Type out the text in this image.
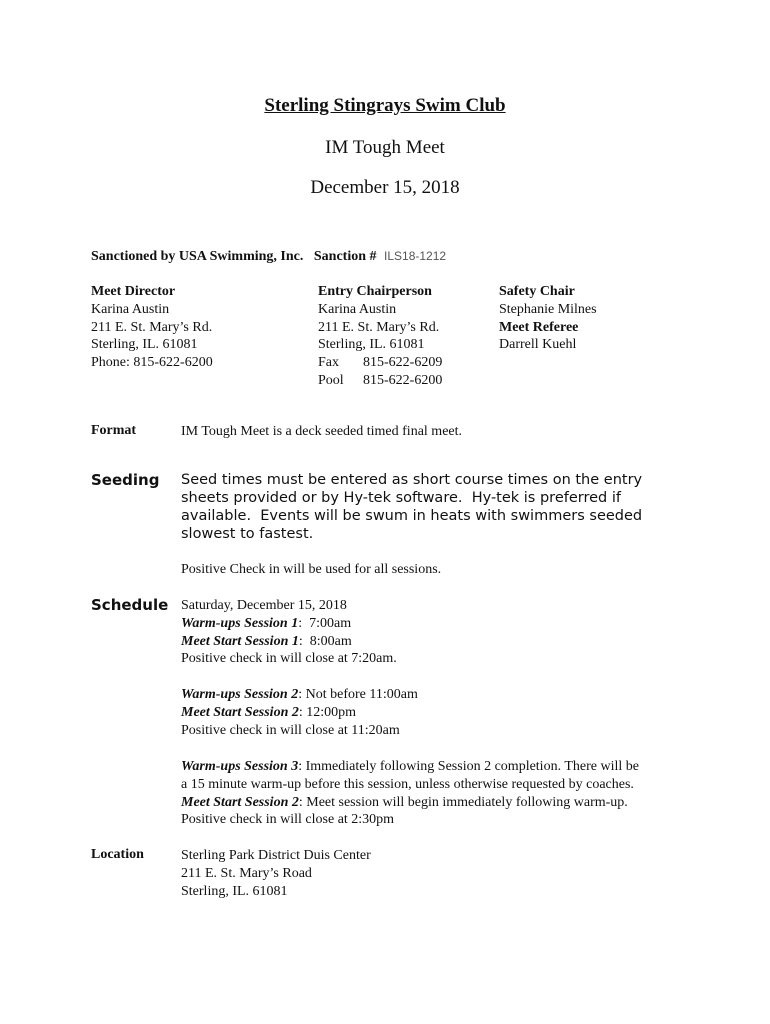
Sterling Stingrays Swim Club
IM Tough Meet
December 15, 2018
Sanctioned by USA Swimming, Inc.   Sanction # ILS18-1212
Meet Director
Karina Austin
211 E. St. Mary’s Rd.
Sterling, IL. 61081
Phone: 815-622-6200
Entry Chairperson
Karina Austin
211 E. St. Mary’s Rd.
Sterling, IL. 61081
Fax 815-622-6209
Pool 815-622-6200
Safety Chair
Stephanie Milnes
Meet Referee
Darrell Kuehl
Format	IM Tough Meet is a deck seeded timed final meet.
Seeding Seed times must be entered as short course times on the entry
sheets provided or by Hy-tek software.  Hy-tek is preferred if
available.  Events will be swum in heats with swimmers seeded
slowest to fastest.
Positive Check in will be used for all sessions.
Schedule Saturday, December 15, 2018
Warm-ups Session 1:  7:00am
Meet Start Session 1:  8:00am
Positive check in will close at 7:20am.
Warm-ups Session 2: Not before 11:00am
Meet Start Session 2: 12:00pm
Positive check in will close at 11:20am
Warm-ups Session 3: Immediately following Session 2 completion. There will be
a 15 minute warm-up before this session, unless otherwise requested by coaches.
Meet Start Session 2: Meet session will begin immediately following warm-up.
Positive check in will close at 2:30pm
Location	Sterling Park District Duis Center
211 E. St. Mary’s Road
Sterling, IL. 61081
